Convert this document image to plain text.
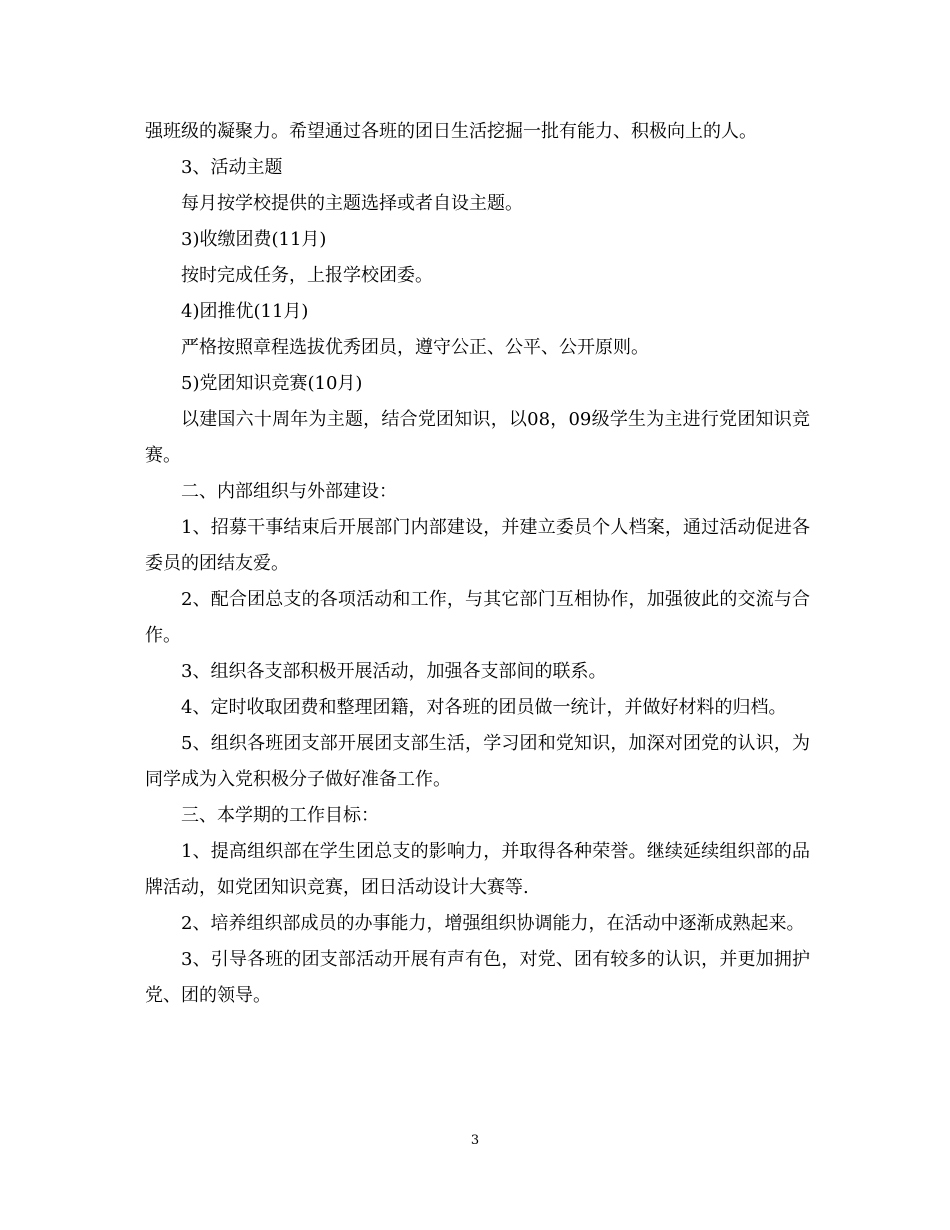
强班级的凝聚力。希望通过各班的团日生活挖掘一批有能力、积极向上的人。

3、活动主题

每月按学校提供的主题选择或者自设主题。

3)收缴团费(11月)

按时完成任务，上报学校团委。

4)团推优(11月)

严格按照章程选拔优秀团员，遵守公正、公平、公开原则。

5)党团知识竞赛(10月)

以建国六十周年为主题，结合党团知识，以08，09级学生为主进行党团知识竞赛。

二、内部组织与外部建设：

1、招募干事结束后开展部门内部建设，并建立委员个人档案，通过活动促进各委员的团结友爱。

2、配合团总支的各项活动和工作，与其它部门互相协作，加强彼此的交流与合作。

3、组织各支部积极开展活动，加强各支部间的联系。

4、定时收取团费和整理团籍，对各班的团员做一统计，并做好材料的归档。

5、组织各班团支部开展团支部生活，学习团和党知识，加深对团党的认识，为同学成为入党积极分子做好准备工作。

三、本学期的工作目标：

1、提高组织部在学生团总支的影响力，并取得各种荣誉。继续延续组织部的品牌活动，如党团知识竞赛，团日活动设计大赛等.

2、培养组织部成员的办事能力，增强组织协调能力，在活动中逐渐成熟起来。

3、引导各班的团支部活动开展有声有色，对党、团有较多的认识，并更加拥护党、团的领导。

3
